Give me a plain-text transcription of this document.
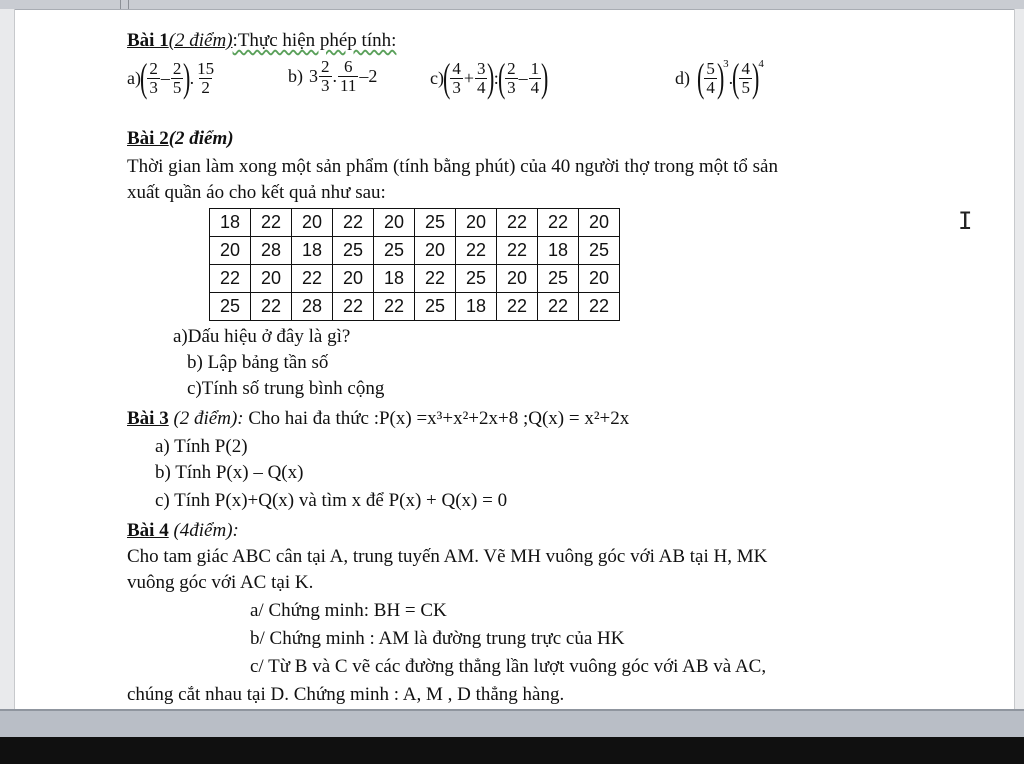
Bài 1(2 điểm):Thực hiện phép tính:
a)
( $\frac{2}{3} - \frac{2}{5}$ )
. $\frac{15}{2}$	b) $3 \frac{2}{3}$ . $\frac{6}{11} -2$	c)
( $\frac{4}{3} + \frac{3}{4}$ )
:
( $\frac{2}{3} - \frac{1}{4}$ )	d) ( $\frac{5}{4}$ )
3
.
( $\frac{4}{5}$ )
4
Bài 2(2 điểm)
Thời gian làm xong một sản phẩm (tính bằng phút) của 40 người thợ trong một tổ sản
xuất quần áo cho kết quả như sau:
18	22	20	22	20	25	20	22	22	20
20	28	18	25	25	20	22	22	18	25
22	20	22	20	18	22	25	20	25	20
25	22	28	22	22	25	18	22	22	22
I
a)Dấu hiệu ở đây là gì?
b) Lập bảng tần số
c)Tính số trung bình cộng
Bài 3 (2 điểm): Cho hai đa thức :P(x) =x³+x²+2x+8 ;Q(x) = x²+2x
a) Tính P(2)
b) Tính P(x) – Q(x)
c) Tính P(x)+Q(x) và tìm x để P(x) + Q(x) = 0
Bài 4 (4điểm):
Cho tam giác ABC cân tại A, trung tuyến AM. Vẽ MH vuông góc với AB tại H, MK
vuông góc với AC tại K.
a/ Chứng minh: BH = CK
b/ Chứng minh : AM là đường trung trực của HK
c/ Từ B và C vẽ các đường thẳng lần lượt vuông góc với AB và AC,
chúng cắt nhau tại D. Chứng minh : A, M , D thẳng hàng.
